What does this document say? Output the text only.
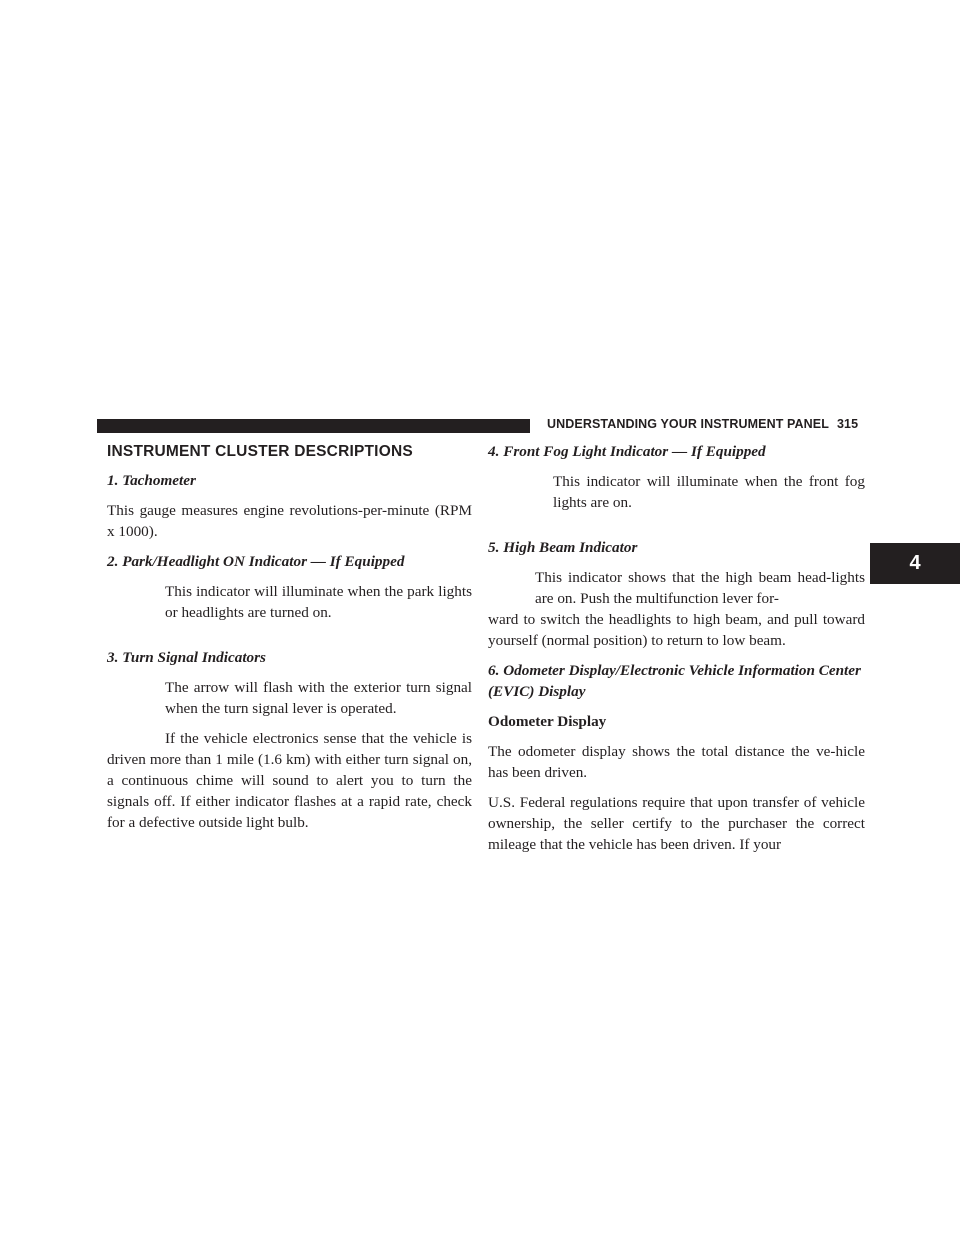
UNDERSTANDING YOUR INSTRUMENT PANEL 315
4
INSTRUMENT CLUSTER DESCRIPTIONS
1. Tachometer

This gauge measures engine revolutions-per-minute (RPM x 1000).

2. Park/Headlight ON Indicator — If Equipped

This indicator will illuminate when the park lights or headlights are turned on.

3. Turn Signal Indicators

The arrow will flash with the exterior turn signal when the turn signal lever is operated.

If the vehicle electronics sense that the vehicle is driven more than 1 mile (1.6 km) with either turn signal on, a continuous chime will sound to alert you to turn the signals off. If either indicator flashes at a rapid rate, check for a defective outside light bulb.

4. Front Fog Light Indicator — If Equipped

This indicator will illuminate when the front fog lights are on.

5. High Beam Indicator

This indicator shows that the high beam head-lights are on. Push the multifunction lever for-

ward to switch the headlights to high beam, and pull toward yourself (normal position) to return to low beam.

6. Odometer Display/Electronic Vehicle Information Center (EVIC) Display
Odometer Display

The odometer display shows the total distance the ve-hicle has been driven.

U.S. Federal regulations require that upon transfer of vehicle ownership, the seller certify to the purchaser the correct mileage that the vehicle has been driven. If your
